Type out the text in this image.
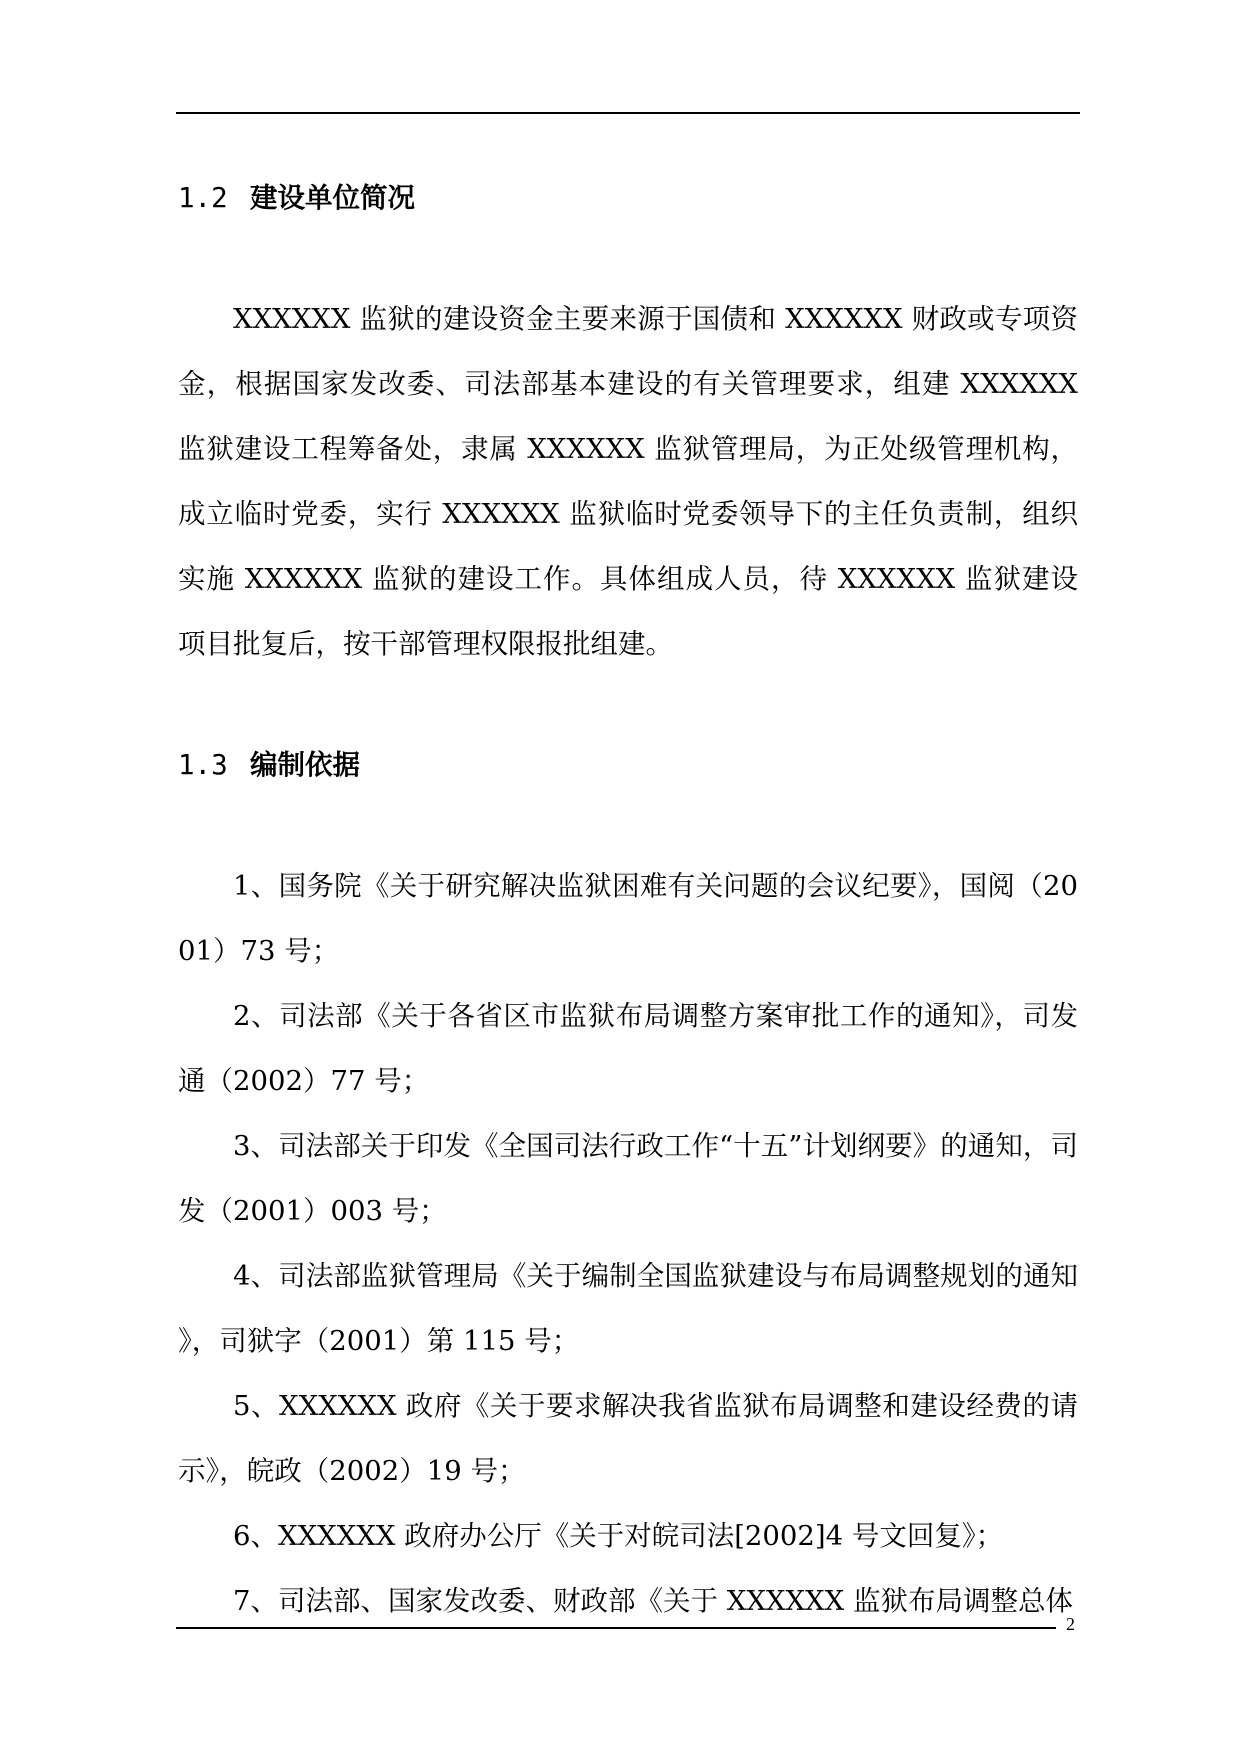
1.2 建设单位简况

XXXXXX 监狱的建设资金主要来源于国债和 XXXXXX 财政或专项资金，根据国家发改委、司法部基本建设的有关管理要求，组建 XXXXXX 监狱建设工程筹备处，隶属 XXXXXX 监狱管理局，为正处级管理机构，成立临时党委，实行 XXXXXX 监狱临时党委领导下的主任负责制，组织实施 XXXXXX 监狱的建设工作。具体组成人员，待 XXXXXX 监狱建设项目批复后，按干部管理权限报批组建。

1.3 编制依据
1、国务院《关于研究解决监狱困难有关问题的会议纪要》，国阅（2001）73 号；
2、司法部《关于各省区市监狱布局调整方案审批工作的通知》，司发通（2002）77 号；
3、司法部关于印发《全国司法行政工作“十五”计划纲要》的通知，司发（2001）003 号；
4、司法部监狱管理局《关于编制全国监狱建设与布局调整规划的通知》，司狱字（2001）第 115 号；
5、XXXXXX 政府《关于要求解决我省监狱布局调整和建设经费的请示》，皖政（2002）19 号；
6、XXXXXX 政府办公厅《关于对皖司法[2002]4 号文回复》；
7、司法部、国家发改委、财政部《关于 XXXXXX 监狱布局调整总体
2
